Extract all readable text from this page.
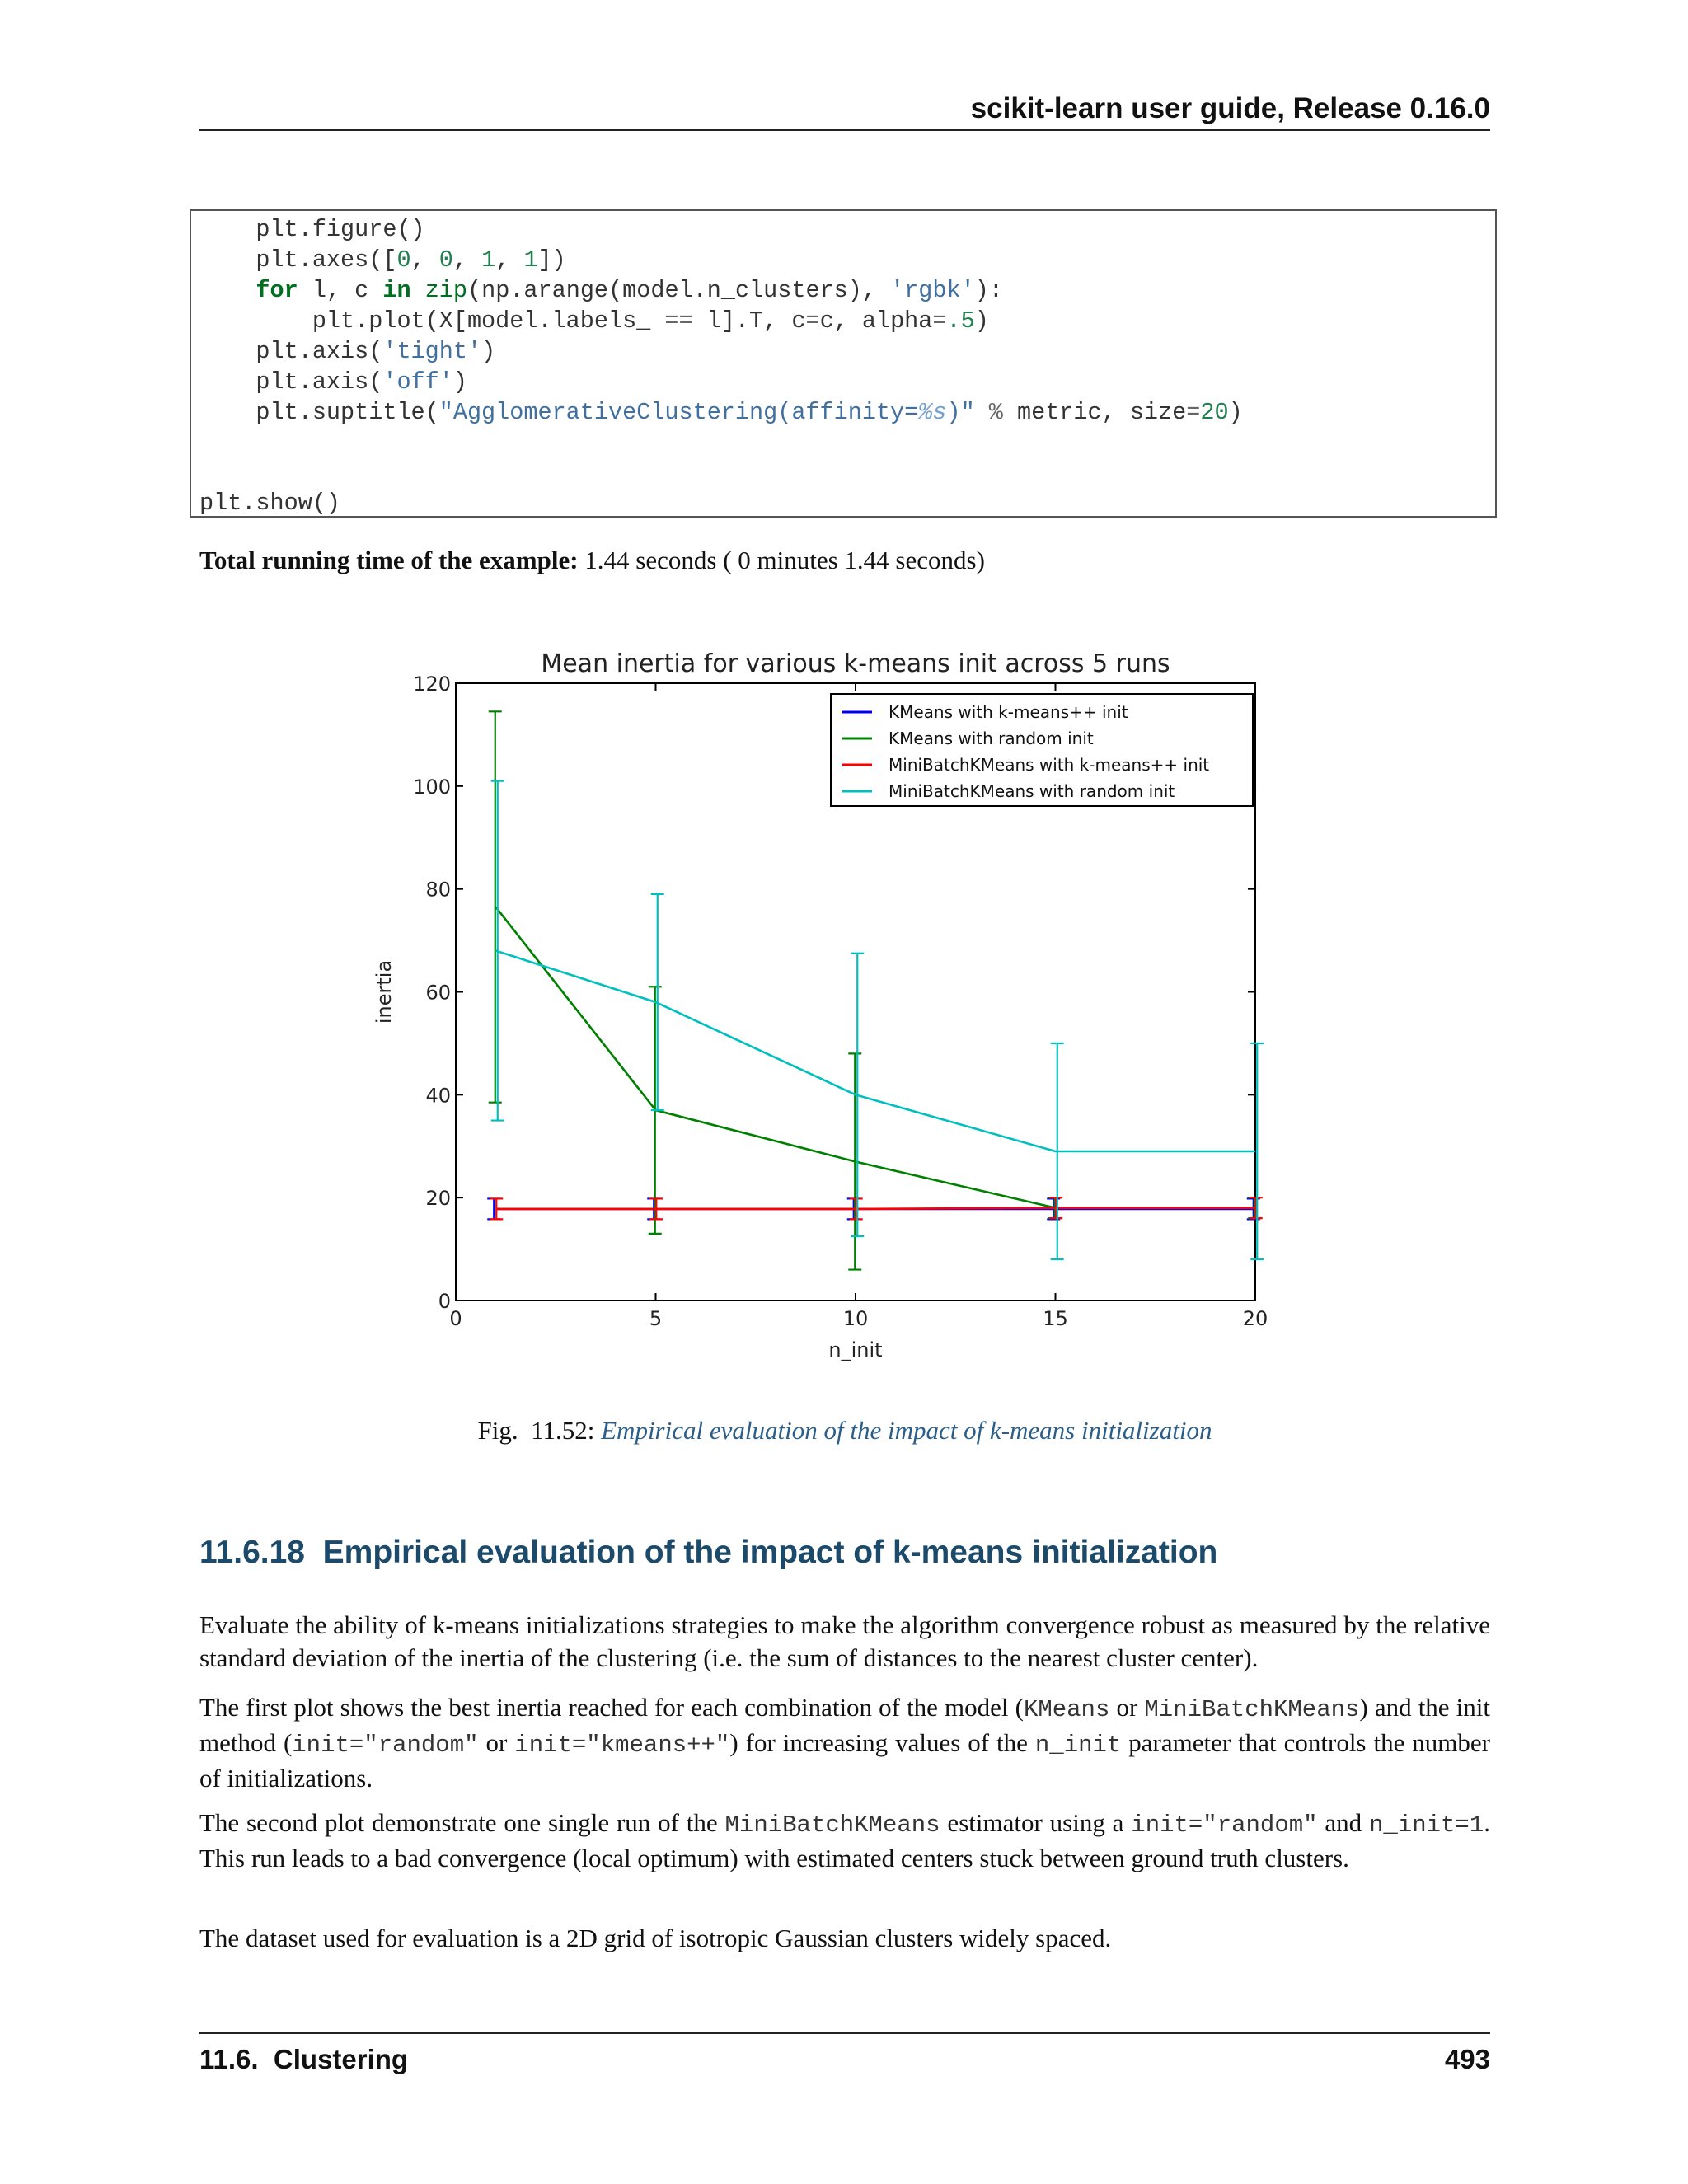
scikit-learn user guide, Release 0.16.0
plt.figure()
plt.axes([0, 0, 1, 1])
for l, c in zip(np.arange(model.n_clusters), 'rgbk'):
plt.plot(X[model.labels_ == l].T, c=c, alpha=.5)
plt.axis('tight')
plt.axis('off')
plt.suptitle("AgglomerativeClustering(affinity=%s)" % metric, size=20)
plt.show()
Total running time of the example: 1.44 seconds ( 0 minutes 1.44 seconds)
0
20
40
60
80
100
120
0	5	10	15	20
Mean inertia for various k-means init across 5 runs
n_init
inertia
KMeans with k-means++ init
KMeans with random init
MiniBatchKMeans with k-means++ init
MiniBatchKMeans with random init
Fig.  11.52: Empirical evaluation of the impact of k-means initialization
11.6.18 Empirical evaluation of the impact of k-means initialization
Evaluate the ability of k-means initializations strategies to make the algorithm convergence robust as measured by the relative standard deviation of the inertia of the clustering (i.e. the sum of distances to the nearest cluster center).
The first plot shows the best inertia reached for each combination of the model (KMeans or MiniBatchKMeans) and the init method (init="random" or init="kmeans++") for increasing values of the n_init parameter that controls the number of initializations.
The second plot demonstrate one single run of the MiniBatchKMeans estimator using a init="random" and n_init=1. This run leads to a bad convergence (local optimum) with estimated centers stuck between ground truth clusters.
The dataset used for evaluation is a 2D grid of isotropic Gaussian clusters widely spaced.
11.6.  Clustering	493
